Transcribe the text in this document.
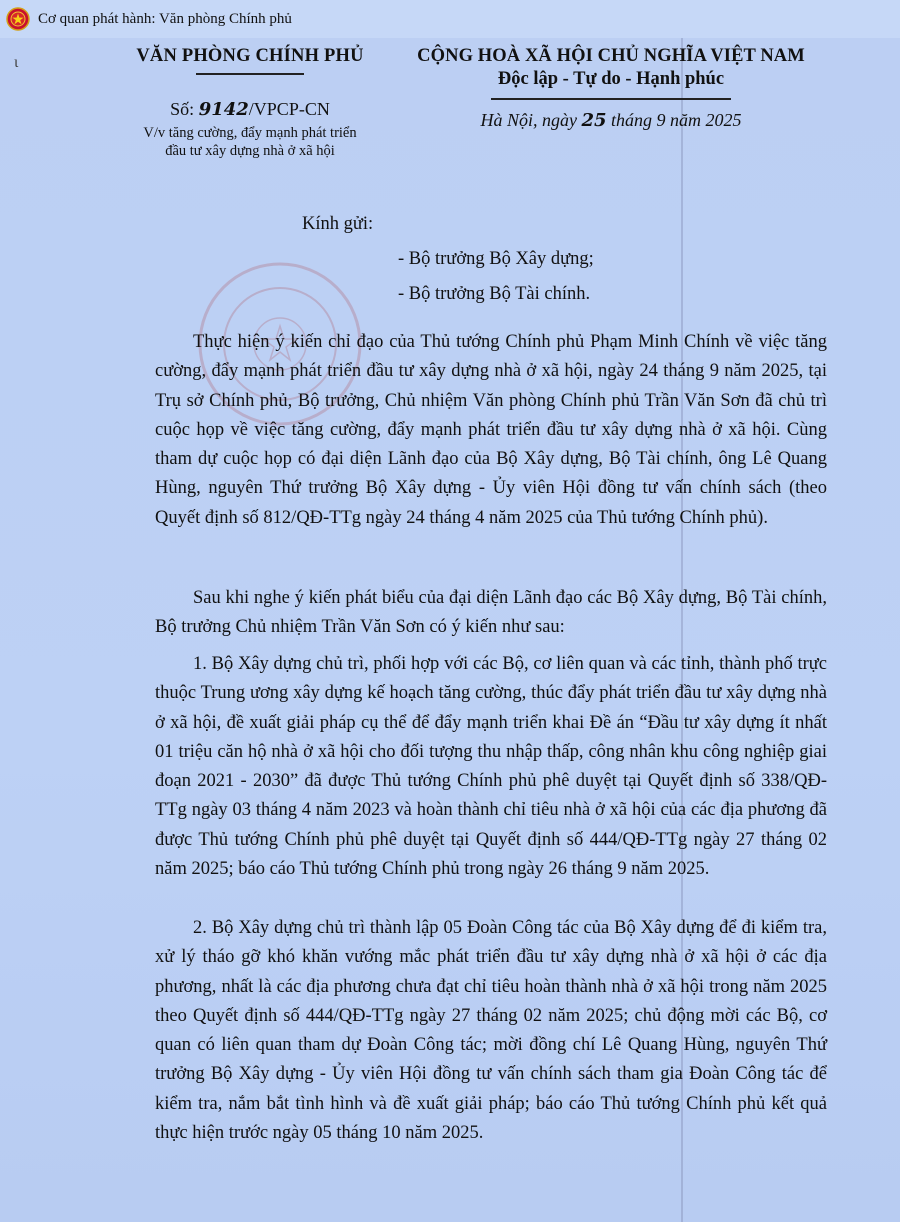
Cơ quan phát hành: Văn phòng Chính phủ
ι	VĂN PHÒNG CHÍNH PHỦ
Số: 9142/VPCP-CN
V/v tăng cường, đẩy mạnh phát triển
đầu tư xây dựng nhà ở xã hội
CỘNG HOÀ XÃ HỘI CHỦ NGHĨA VIỆT NAM
Độc lập - Tự do - Hạnh phúc
Hà Nội, ngày 25 tháng 9 năm 2025
Kính gửi:
- Bộ trưởng Bộ Xây dựng;
- Bộ trưởng Bộ Tài chính.

Thực hiện ý kiến chỉ đạo của Thủ tướng Chính phủ Phạm Minh Chính về việc tăng cường, đẩy mạnh phát triển đầu tư xây dựng nhà ở xã hội, ngày 24 tháng 9 năm 2025, tại Trụ sở Chính phủ, Bộ trưởng, Chủ nhiệm Văn phòng Chính phủ Trần Văn Sơn đã chủ trì cuộc họp về việc tăng cường, đẩy mạnh phát triển đầu tư xây dựng nhà ở xã hội. Cùng tham dự cuộc họp có đại diện Lãnh đạo của Bộ Xây dựng, Bộ Tài chính, ông Lê Quang Hùng, nguyên Thứ trưởng Bộ Xây dựng - Ủy viên Hội đồng tư vấn chính sách (theo Quyết định số 812/QĐ-TTg ngày 24 tháng 4 năm 2025 của Thủ tướng Chính phủ).

Sau khi nghe ý kiến phát biểu của đại diện Lãnh đạo các Bộ Xây dựng, Bộ Tài chính, Bộ trưởng Chủ nhiệm Trần Văn Sơn có ý kiến như sau:

1. Bộ Xây dựng chủ trì, phối hợp với các Bộ, cơ liên quan và các tỉnh, thành phố trực thuộc Trung ương xây dựng kế hoạch tăng cường, thúc đẩy phát triển đầu tư xây dựng nhà ở xã hội, đề xuất giải pháp cụ thể để đẩy mạnh triển khai Đề án “Đầu tư xây dựng ít nhất 01 triệu căn hộ nhà ở xã hội cho đối tượng thu nhập thấp, công nhân khu công nghiệp giai đoạn 2021 - 2030” đã được Thủ tướng Chính phủ phê duyệt tại Quyết định số 338/QĐ-TTg ngày 03 tháng 4 năm 2023 và hoàn thành chỉ tiêu nhà ở xã hội của các địa phương đã được Thủ tướng Chính phủ phê duyệt tại Quyết định số 444/QĐ-TTg ngày 27 tháng 02 năm 2025; báo cáo Thủ tướng Chính phủ trong ngày 26 tháng 9 năm 2025.

2. Bộ Xây dựng chủ trì thành lập 05 Đoàn Công tác của Bộ Xây dựng để đi kiểm tra, xử lý tháo gỡ khó khăn vướng mắc phát triển đầu tư xây dựng nhà ở xã hội ở các địa phương, nhất là các địa phương chưa đạt chỉ tiêu hoàn thành nhà ở xã hội trong năm 2025 theo Quyết định số 444/QĐ-TTg ngày 27 tháng 02 năm 2025; chủ động mời các Bộ, cơ quan có liên quan tham dự Đoàn Công tác; mời đồng chí Lê Quang Hùng, nguyên Thứ trưởng Bộ Xây dựng - Ủy viên Hội đồng tư vấn chính sách tham gia Đoàn Công tác để kiểm tra, nắm bắt tình hình và đề xuất giải pháp; báo cáo Thủ tướng Chính phủ kết quả thực hiện trước ngày 05 tháng 10 năm 2025.
